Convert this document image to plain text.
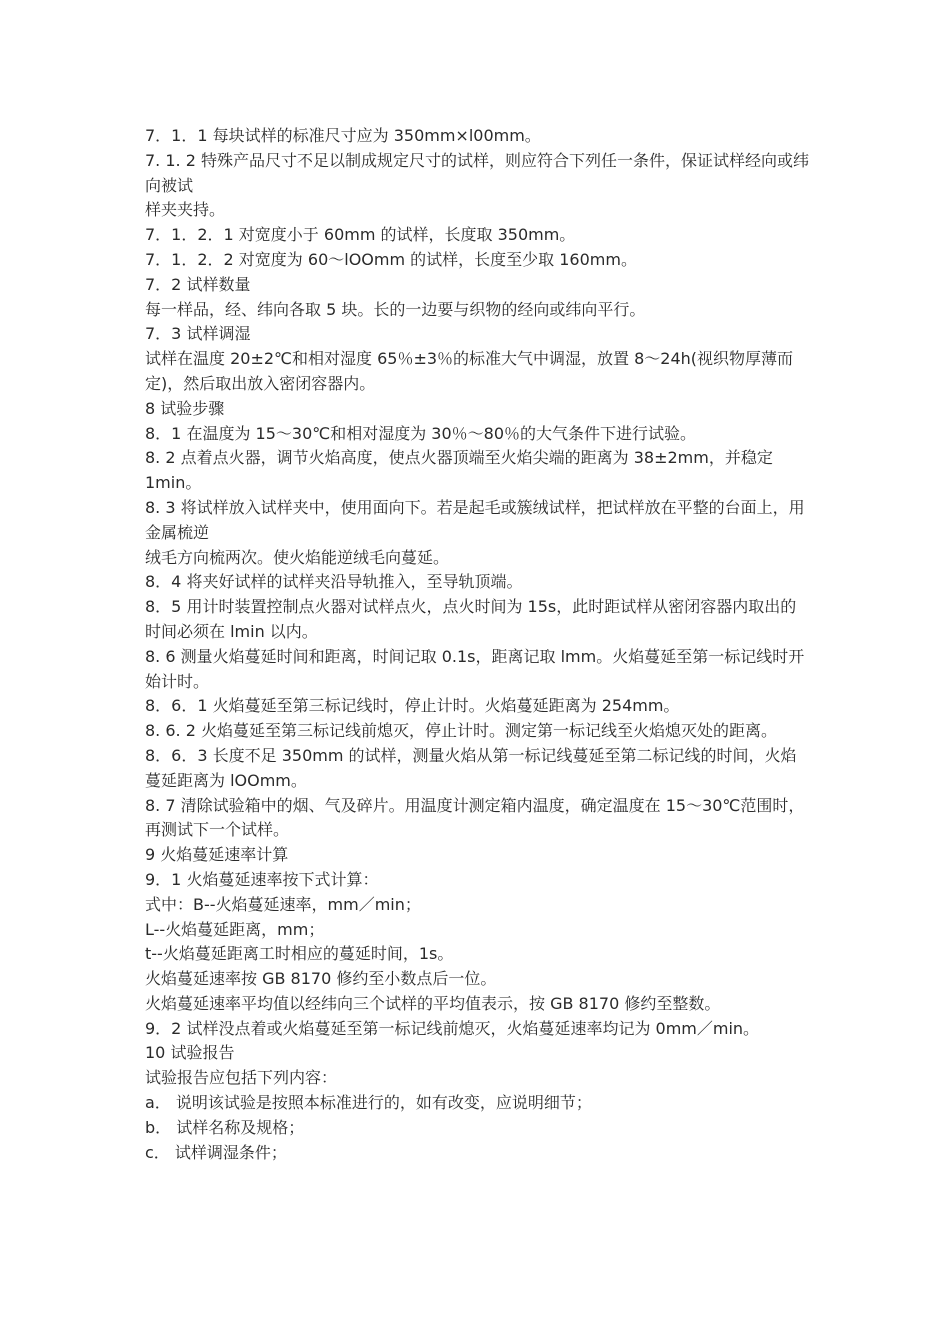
7．1．1 每块试样的标准尺寸应为 350mm×l00mm。

7. 1. 2 特殊产品尺寸不足以制成规定尺寸的试样，则应符合下列任一条件，保证试样经向或纬向被试

样夹夹持。

7．1．2．1 对宽度小于 60mm 的试样，长度取 350mm。

7．1．2．2 对宽度为 60～lOOmm 的试样，长度至少取 160mm。

7．2 试样数量

每一样品，经、纬向各取 5 块。长的一边要与织物的经向或纬向平行。

7．3 试样调湿

试样在温度 20±2℃和相对湿度 65％±3％的标准大气中调湿，放置 8～24h(视织物厚薄而定)，然后取出放入密闭容器内。

8 试验步骤

8．1 在温度为 15～30℃和相对湿度为 30％～80％的大气条件下进行试验。

8. 2 点着点火器，调节火焰高度，使点火器顶端至火焰尖端的距离为 38±2mm，并稳定 1min。

8. 3 将试样放入试样夹中，使用面向下。若是起毛或簇绒试样，把试样放在平整的台面上，用金属梳逆

绒毛方向梳两次。使火焰能逆绒毛向蔓延。

8．4 将夹好试样的试样夹沿导轨推入，至导轨顶端。

8．5 用计时装置控制点火器对试样点火，点火时间为 15s，此时距试样从密闭容器内取出的时间必须在 lmin 以内。

8. 6 测量火焰蔓延时间和距离，时间记取 0.1s，距离记取 lmm。火焰蔓延至第一标记线时开始计时。

8．6．1 火焰蔓延至第三标记线时，停止计时。火焰蔓延距离为 254mm。

8. 6. 2 火焰蔓延至第三标记线前熄灭，停止计时。测定第一标记线至火焰熄灭处的距离。

8．6．3 长度不足 350mm 的试样，测量火焰从第一标记线蔓延至第二标记线的时间，火焰蔓延距离为 lOOmm。

8. 7 清除试验箱中的烟、气及碎片。用温度计测定箱内温度，确定温度在 15～30℃范围时，再测试下一个试样。

9 火焰蔓延速率计算

9．1 火焰蔓延速率按下式计算：

式中：B--火焰蔓延速率，mm／min；

L--火焰蔓延距离，mm；

t--火焰蔓延距离工时相应的蔓延时间，1s。

火焰蔓延速率按 GB 8170 修约至小数点后一位。

火焰蔓延速率平均值以经纬向三个试样的平均值表示，按 GB 8170 修约至整数。

9．2 试样没点着或火焰蔓延至第一标记线前熄灭，火焰蔓延速率均记为 0mm／min。

10 试验报告

试验报告应包括下列内容：

a． 说明该试验是按照本标准进行的，如有改变，应说明细节；

b． 试样名称及规格；

c． 试样调湿条件；
